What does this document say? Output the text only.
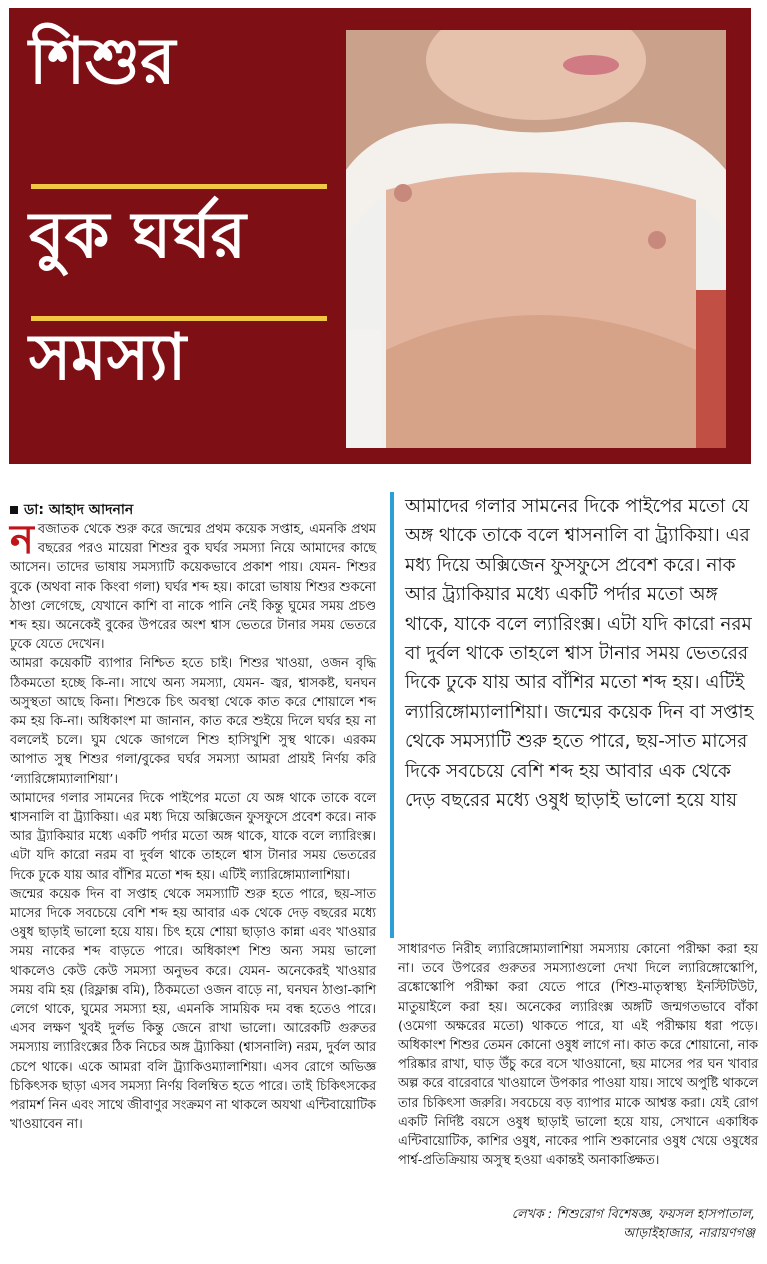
শিশুর
বুক ঘর্ঘর
সমস্যা
ডা: আহাদ আদনান

নবজাতক থেকে শুরু করে জন্মের প্রথম কয়েক সপ্তাহ, এমনকি প্রথম বছরের পরও মায়েরা শিশুর বুক ঘর্ঘর সমস্যা নিয়ে আমাদের কাছে আসেন। তাদের ভাষায় সমস্যাটি কয়েকভাবে প্রকাশ পায়। যেমন- শিশুর বুকে (অথবা নাক কিংবা গলা) ঘর্ঘর শব্দ হয়। কারো ভাষায় শিশুর শুকনো ঠাণ্ডা লেগেছে, যেখানে কাশি বা নাকে পানি নেই কিন্তু ঘুমের সময় প্রচণ্ড শব্দ হয়। অনেকেই বুকের উপরের অংশ শ্বাস ভেতরে টানার সময় ভেতরে ঢুকে যেতে দেখেন।

আমরা কয়েকটি ব্যাপার নিশ্চিত হতে চাই। শিশুর খাওয়া, ওজন বৃদ্ধি ঠিকমতো হচ্ছে কি-না। সাথে অন্য সমস্যা, যেমন- জ্বর, শ্বাসকষ্ট, ঘনঘন অসুস্থতা আছে কিনা। শিশুকে চিৎ অবস্থা থেকে কাত করে শোয়ালে শব্দ কম হয় কি-না। অধিকাংশ মা জানান, কাত করে শুইয়ে দিলে ঘর্ঘর হয় না বললেই চলে। ঘুম থেকে জাগলে শিশু হাসিখুশি সুস্থ থাকে। এরকম আপাত সুস্থ শিশুর গলা/বুকের ঘর্ঘর সমস্যা আমরা প্রায়ই নির্ণয় করি ‘ল্যারিঙ্গোম্যালাশিয়া’।

আমাদের গলার সামনের দিকে পাইপের মতো যে অঙ্গ থাকে তাকে বলে শ্বাসনালি বা ট্র্যাকিয়া। এর মধ্য দিয়ে অক্সিজেন ফুসফুসে প্রবেশ করে। নাক আর ট্র্যাকিয়ার মধ্যে একটি পর্দার মতো অঙ্গ থাকে, যাকে বলে ল্যারিংক্স। এটা যদি কারো নরম বা দুর্বল থাকে তাহলে শ্বাস টানার সময় ভেতরের দিকে ঢুকে যায় আর বাঁশির মতো শব্দ হয়। এটিই ল্যারিঙ্গোম্যালাশিয়া।

জন্মের কয়েক দিন বা সপ্তাহ থেকে সমস্যাটি শুরু হতে পারে, ছয়-সাত মাসের দিকে সবচেয়ে বেশি শব্দ হয় আবার এক থেকে দেড় বছরের মধ্যে ওষুধ ছাড়াই ভালো হয়ে যায়। চিৎ হয়ে শোয়া ছাড়াও কান্না এবং খাওয়ার সময় নাকের শব্দ বাড়তে পারে। অধিকাংশ শিশু অন্য সময় ভালো থাকলেও কেউ কেউ সমস্যা অনুভব করে। যেমন- অনেকেরই খাওয়ার সময় বমি হয় (রিফ্লাক্স বমি), ঠিকমতো ওজন বাড়ে না, ঘনঘন ঠাণ্ডা-কাশি লেগে থাকে, ঘুমের সমস্যা হয়, এমনকি সাময়িক দম বন্ধ হতেও পারে। এসব লক্ষণ খুবই দুর্লভ কিন্তু জেনে রাখা ভালো। আরেকটি গুরুতর সমস্যায় ল্যারিংক্সের ঠিক নিচের অঙ্গ ট্র্যাকিয়া (শ্বাসনালি) নরম, দুর্বল আর চেপে থাকে। একে আমরা বলি ট্র্যাকিওম্যালাশিয়া। এসব রোগে অভিজ্ঞ চিকিৎসক ছাড়া এসব সমস্যা নির্ণয় বিলম্বিত হতে পারে। তাই চিকিৎসকের পরামর্শ নিন এবং সাথে জীবাণুর সংক্রমণ না থাকলে অযথা এন্টিবায়োটিক খাওয়াবেন না।

আমাদের গলার সামনের দিকে পাইপের মতো যে অঙ্গ থাকে তাকে বলে শ্বাসনালি বা ট্র্যাকিয়া। এর মধ্য দিয়ে অক্সিজেন ফুসফুসে প্রবেশ করে। নাক আর ট্র্যাকিয়ার মধ্যে একটি পর্দার মতো অঙ্গ থাকে, যাকে বলে ল্যারিংক্স। এটা যদি কারো নরম বা দুর্বল থাকে তাহলে শ্বাস টানার সময় ভেতরের দিকে ঢুকে যায় আর বাঁশির মতো শব্দ হয়। এটিই ল্যারিঙ্গোম্যালাশিয়া। জন্মের কয়েক দিন বা সপ্তাহ থেকে সমস্যাটি শুরু হতে পারে, ছয়-সাত মাসের দিকে সবচেয়ে বেশি শব্দ হয় আবার এক থেকে দেড় বছরের মধ্যে ওষুধ ছাড়াই ভালো হয়ে যায়

সাধারণত নিরীহ ল্যারিঙ্গোম্যালাশিয়া সমস্যায় কোনো পরীক্ষা করা হয় না। তবে উপরের গুরুতর সমস্যাগুলো দেখা দিলে ল্যারিঙ্গোস্কোপি, ব্রঙ্কোস্কোপি পরীক্ষা করা যেতে পারে (শিশু-মাতৃস্বাস্থ্য ইনস্টিটিউট, মাতুয়াইলে করা হয়। অনেকের ল্যারিংক্স অঙ্গটি জন্মগতভাবে বাঁকা (ওমেগা অক্ষরের মতো) থাকতে পারে, যা এই পরীক্ষায় ধরা পড়ে। অধিকাংশ শিশুর তেমন কোনো ওষুধ লাগে না। কাত করে শোয়ানো, নাক পরিষ্কার রাখা, ঘাড় উঁচু করে বসে খাওয়ানো, ছয় মাসের পর ঘন খাবার অল্প করে বারেবারে খাওয়ালে উপকার পাওয়া যায়। সাথে অপুষ্টি থাকলে তার চিকিৎসা জরুরি। সবচেয়ে বড় ব্যাপার মাকে আশ্বস্ত করা। যেই রোগ একটি নির্দিষ্ট বয়সে ওষুধ ছাড়াই ভালো হয়ে যায়, সেখানে একাধিক এন্টিবায়োটিক, কাশির ওষুধ, নাকের পানি শুকানোর ওষুধ খেয়ে ওষুধের পার্শ্ব-প্রতিক্রিয়ায় অসুস্থ হওয়া একান্তই অনাকাঙ্ক্ষিত।

লেখক : শিশুরোগ বিশেষজ্ঞ, ফয়সল হাসপাতাল,
আড়াইহাজার, নারায়ণগঞ্জ
